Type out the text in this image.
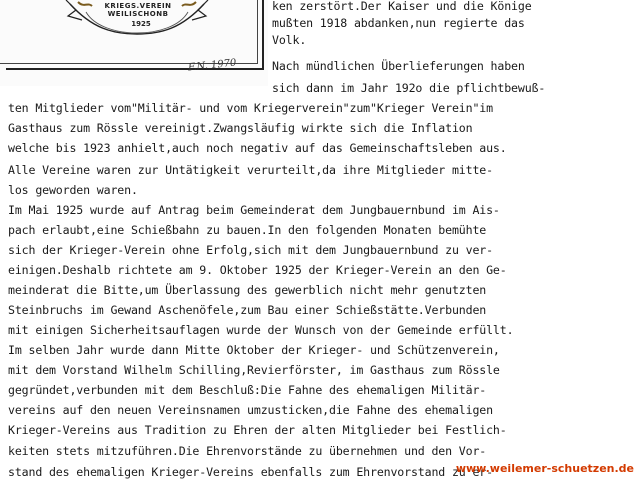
KRIEGS.VEREIN WEILISCHONB
1925
F.N. 1970
ken zerstört.Der Kaiser und die Könige
mußten 1918 abdanken,nun regierte das
Volk.
Nach mündlichen Überlieferungen haben
sich dann im Jahr 192o die pflichtbewuß-
ten Mitglieder vom"Militär- und vom Kriegerverein"zum"Krieger Verein"im
Gasthaus zum Rössle vereinigt.Zwangsläufig wirkte sich die Inflation
welche bis 1923 anhielt,auch noch negativ auf das Gemeinschaftsleben aus.
Alle Vereine waren zur Untätigkeit verurteilt,da ihre Mitglieder mitte-
los geworden waren.
Im Mai 1925 wurde auf Antrag beim Gemeinderat dem Jungbauernbund im Ais-
pach erlaubt,eine Schießbahn zu bauen.In den folgenden Monaten bemühte
sich der Krieger-Verein ohne Erfolg,sich mit dem Jungbauernbund zu ver-
einigen.Deshalb richtete am 9. Oktober 1925 der Krieger-Verein an den Ge-
meinderat die Bitte,um Überlassung des gewerblich nicht mehr genutzten
Steinbruchs im Gewand Aschenöfele,zum Bau einer Schießstätte.Verbunden
mit einigen Sicherheitsauflagen wurde der Wunsch von der Gemeinde erfüllt.
Im selben Jahr wurde dann Mitte Oktober der Krieger- und Schützenverein,
mit dem Vorstand Wilhelm Schilling,Revierförster, im Gasthaus zum Rössle
gegründet,verbunden mit dem Beschluß:Die Fahne des ehemaligen Militär-
vereins auf den neuen Vereinsnamen umzusticken,die Fahne des ehemaligen
Krieger-Vereins aus Tradition zu Ehren der alten Mitglieder bei Festlich-
keiten stets mitzuführen.Die Ehrenvorstände zu übernehmen und den Vor-
stand des ehemaligen Krieger-Vereins ebenfalls zum Ehrenvorstand zu er-
www.weilemer-schuetzen.de
